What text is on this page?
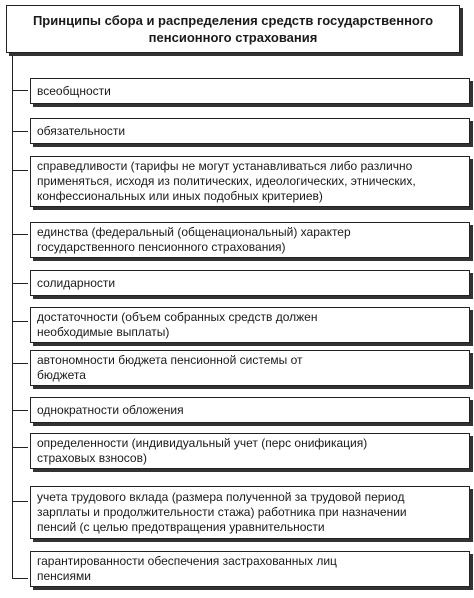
Принципы сбора и распределения средств государственного
пенсионного страхования
всеобщности
обязательности
справедливости (тарифы не могут устанавливаться либо различно
применяться, исходя из политических, идеологических, этнических,
конфессиональных или иных подобных критериев)
единства (федеральный (общенациональный) характер
государственного пенсионного страхования)
солидарности
достаточности (объем собранных средств должен
необходимые выплаты)
автономности бюджета пенсионной системы от
бюджета
однократности обложения
определенности (индивидуальный учет (перс онификация)
страховых взносов)
учета трудового вклада (размера полученной за трудовой период
зарплаты и продолжительности стажа) работника при назначении
пенсий (с целью предотвращения уравнительности
гарантированности обеспечения застрахованных лиц
пенсиями
